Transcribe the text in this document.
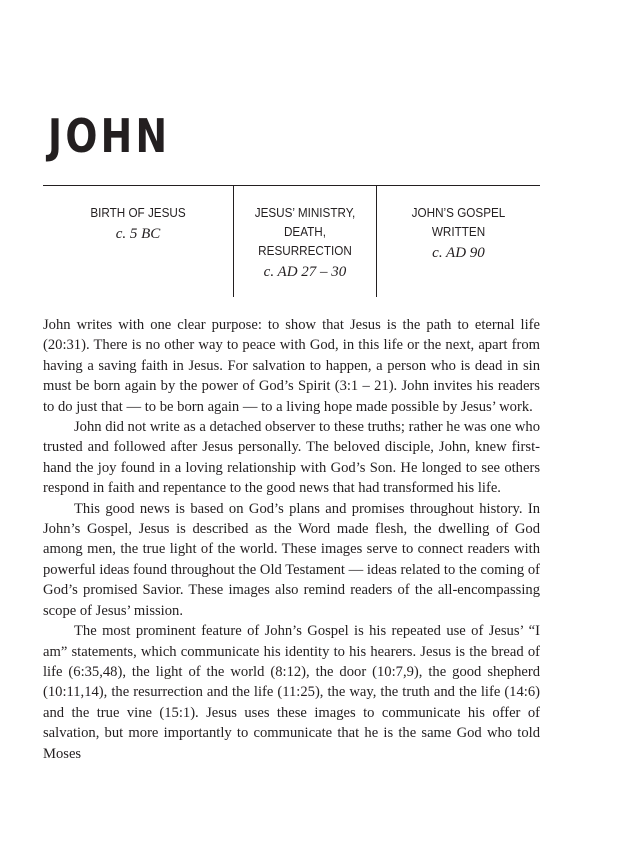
JOHN
BIRTH OF JESUS
c. 5 BC
JESUS’ MINISTRY, DEATH, RESURRECTION
c. AD 27 – 30
JOHN’S GOSPEL WRITTEN
c. AD 90

John writes with one clear purpose: to show that Jesus is the path to eternal life (20:31). There is no other way to peace with God, in this life or the next, apart from having a saving faith in Jesus. For salvation to happen, a person who is dead in sin must be born again by the power of God’s Spirit (3:1 – 21). John invites his readers to do just that — to be born again — to a living hope made possible by Jesus’ work.

John did not write as a detached observer to these truths; rather he was one who trusted and followed after Jesus personally. The beloved disciple, John, knew first-hand the joy found in a loving relationship with God’s Son. He longed to see others respond in faith and repentance to the good news that had transformed his life.

This good news is based on God’s plans and promises throughout history. In John’s Gospel, Jesus is described as the Word made flesh, the dwelling of God among men, the true light of the world. These images serve to connect readers with powerful ideas found throughout the Old Testament — ideas related to the coming of God’s promised Savior. These images also remind readers of the all-encompassing scope of Jesus’ mission.

The most prominent feature of John’s Gospel is his repeated use of Jesus’ “I am” statements, which communicate his identity to his hearers. Jesus is the bread of life (6:35,48), the light of the world (8:12), the door (10:7,9), the good shepherd (10:11,14), the resurrection and the life (11:25), the way, the truth and the life (14:6) and the true vine (15:1). Jesus uses these images to communicate his offer of salvation, but more importantly to communicate that he is the same God who told Moses
